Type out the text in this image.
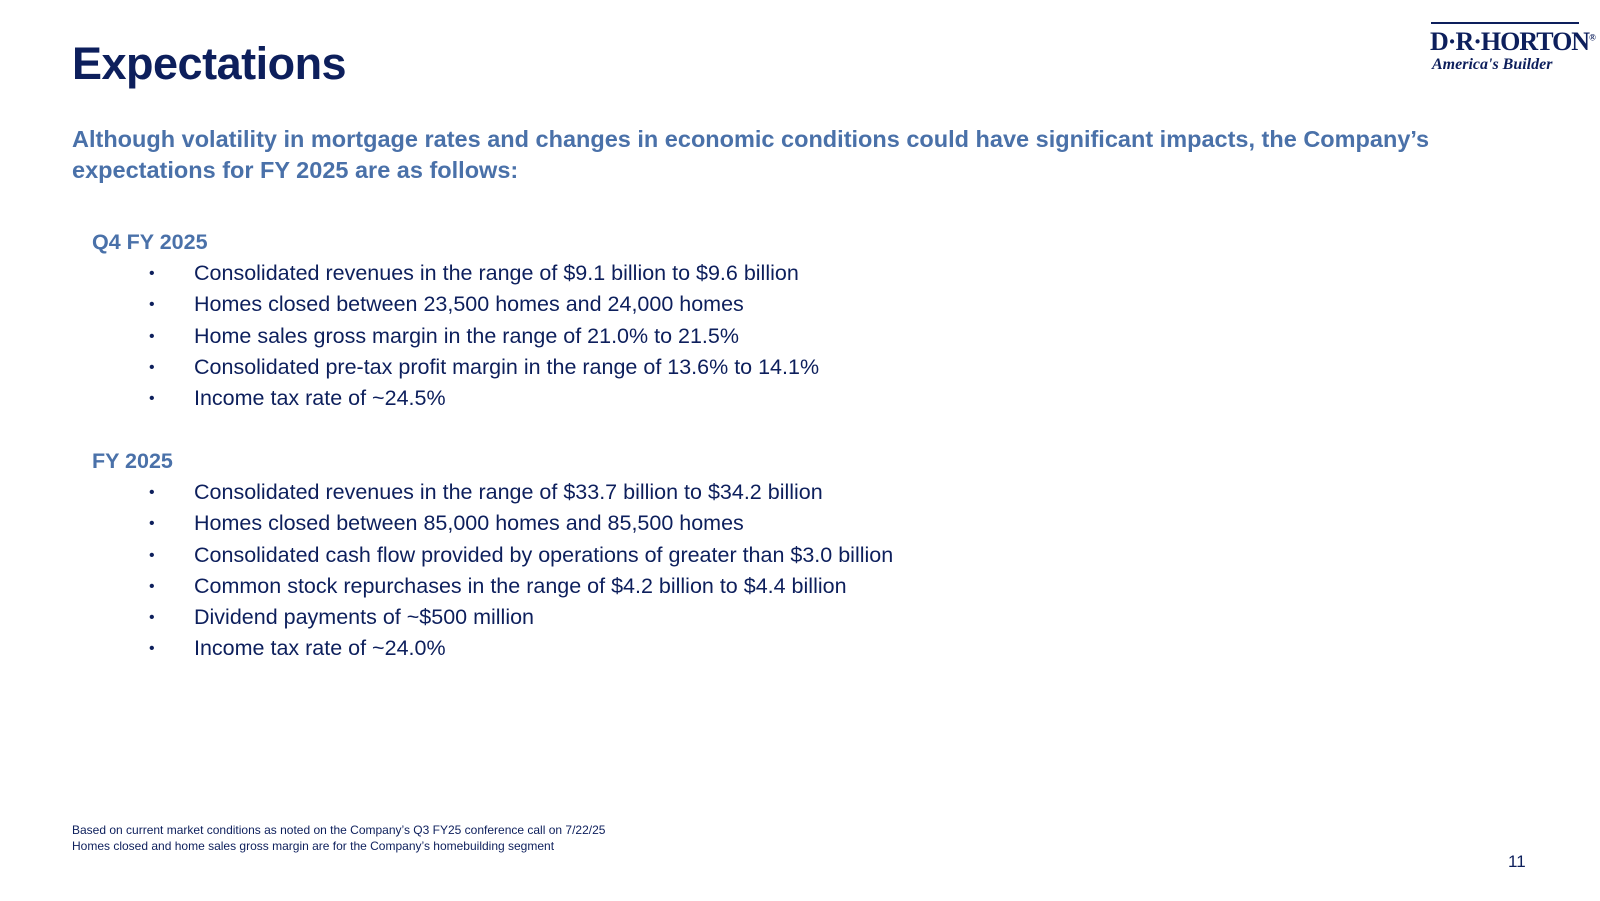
Expectations	D·R·HORTON®
America's Builder

Although volatility in mortgage rates and changes in economic conditions could have significant impacts, the Company’s expectations for FY 2025 are as follows:

Q4 FY 2025
• Consolidated revenues in the range of $9.1 billion to $9.6 billion
• Homes closed between 23,500 homes and 24,000 homes
• Home sales gross margin in the range of 21.0% to 21.5%
• Consolidated pre-tax profit margin in the range of 13.6% to 14.1%
• Income tax rate of ~24.5%
FY 2025
• Consolidated revenues in the range of $33.7 billion to $34.2 billion
• Homes closed between 85,000 homes and 85,500 homes
• Consolidated cash flow provided by operations of greater than $3.0 billion
• Common stock repurchases in the range of $4.2 billion to $4.4 billion
• Dividend payments of ~$500 million
• Income tax rate of ~24.0%
Based on current market conditions as noted on the Company’s Q3 FY25 conference call on 7/22/25
Homes closed and home sales gross margin are for the Company’s homebuilding segment
11
